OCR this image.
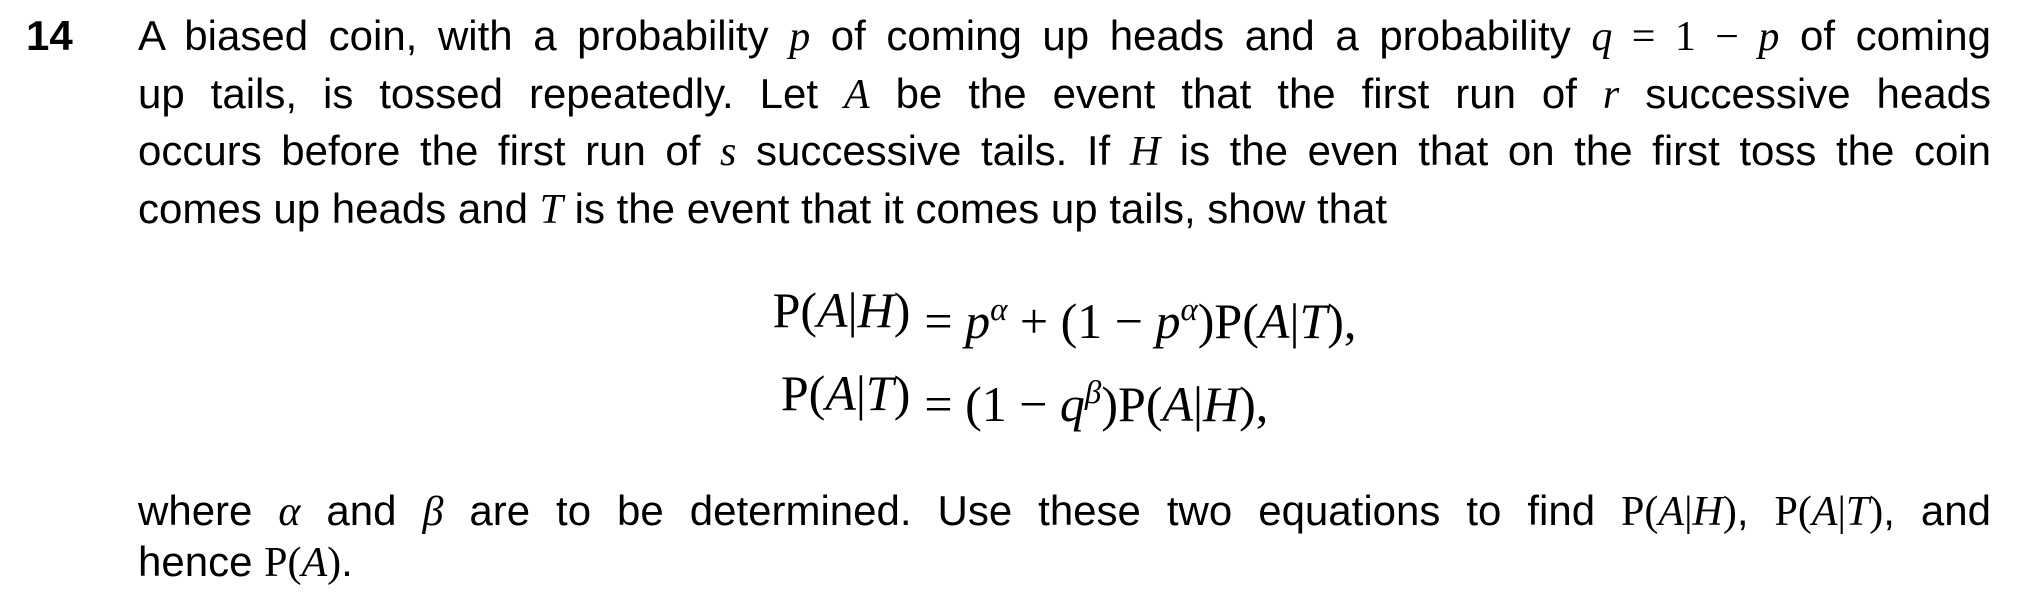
14	A biased coin, with a probability p of coming up heads and a probability q = 1 − p of coming
up tails, is tossed repeatedly. Let A be the event that the first run of r successive heads
occurs before the first run of s successive tails. If H is the even that on the first toss the coin
comes up heads and T is the event that it comes up tails, show that
$P(A|H) = p^\alpha + (1 - p^\alpha)P(A|T)$,
$P(A|T) = (1 - q^\beta)P(A|H)$,
where α and β are to be determined. Use these two equations to find P(A|H), P(A|T), and
hence P(A).
